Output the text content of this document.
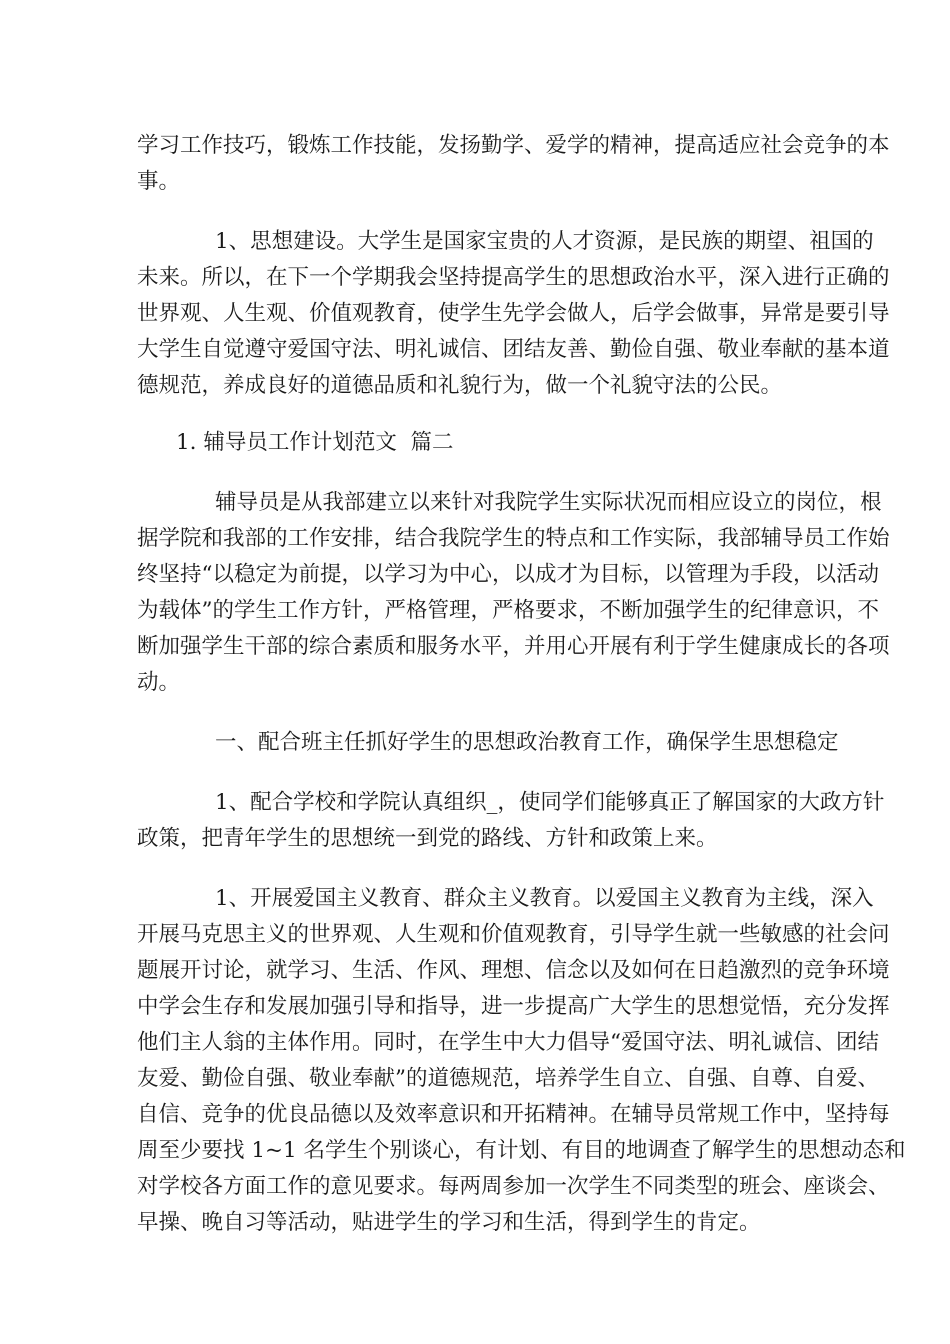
学习工作技巧，锻炼工作技能，发扬勤学、爱学的精神，提高适应社会竞争的本
事。
1、思想建设。大学生是国家宝贵的人才资源，是民族的期望、祖国的
未来。所以，在下一个学期我会坚持提高学生的思想政治水平，深入进行正确的
世界观、人生观、价值观教育，使学生先学会做人，后学会做事，异常是要引导
大学生自觉遵守爱国守法、明礼诚信、团结友善、勤俭自强、敬业奉献的基本道
德规范，养成良好的道德品质和礼貌行为，做一个礼貌守法的公民。
1. 辅导员工作计划范文  篇二
辅导员是从我部建立以来针对我院学生实际状况而相应设立的岗位，根
据学院和我部的工作安排，结合我院学生的特点和工作实际，我部辅导员工作始
终坚持“以稳定为前提，以学习为中心，以成才为目标，以管理为手段，以活动
为载体”的学生工作方针，严格管理，严格要求，不断加强学生的纪律意识，不
断加强学生干部的综合素质和服务水平，并用心开展有利于学生健康成长的各项
动。
一、配合班主任抓好学生的思想政治教育工作，确保学生思想稳定
1、配合学校和学院认真组织_，使同学们能够真正了解国家的大政方针
政策，把青年学生的思想统一到党的路线、方针和政策上来。
1、开展爱国主义教育、群众主义教育。以爱国主义教育为主线，深入
开展马克思主义的世界观、人生观和价值观教育，引导学生就一些敏感的社会问
题展开讨论，就学习、生活、作风、理想、信念以及如何在日趋激烈的竞争环境
中学会生存和发展加强引导和指导，进一步提高广大学生的思想觉悟，充分发挥
他们主人翁的主体作用。同时，在学生中大力倡导“爱国守法、明礼诚信、团结
友爱、勤俭自强、敬业奉献”的道德规范，培养学生自立、自强、自尊、自爱、
自信、竞争的优良品德以及效率意识和开拓精神。在辅导员常规工作中，坚持每
周至少要找 1~1 名学生个别谈心，有计划、有目的地调查了解学生的思想动态和
对学校各方面工作的意见要求。每两周参加一次学生不同类型的班会、座谈会、
早操、晚自习等活动，贴进学生的学习和生活，得到学生的肯定。
